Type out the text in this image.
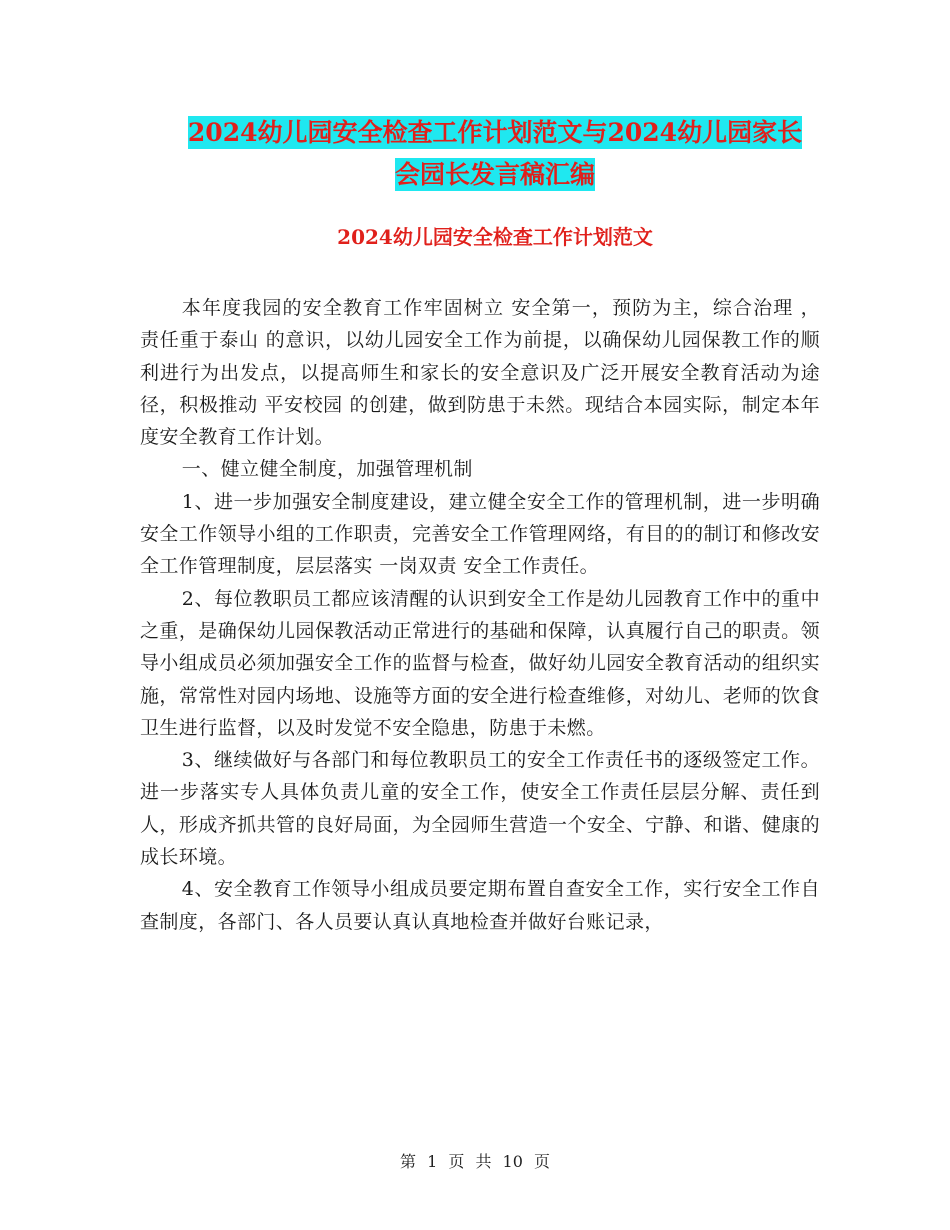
2024幼儿园安全检查工作计划范文与2024幼儿园家长
会园长发言稿汇编
2024幼儿园安全检查工作计划范文

本年度我园的安全教育工作牢固树立 安全第一，预防为主，综合治理 ， 责任重于泰山 的意识，以幼儿园安全工作为前提，以确保幼儿园保教工作的顺利进行为出发点，以提高师生和家长的安全意识及广泛开展安全教育活动为途径，积极推动 平安校园 的创建，做到防患于未然。现结合本园实际，制定本年度安全教育工作计划。

一、健立健全制度，加强管理机制

1、进一步加强安全制度建设，建立健全安全工作的管理机制，进一步明确安全工作领导小组的工作职责，完善安全工作管理网络，有目的的制订和修改安全工作管理制度，层层落实 一岗双责 安全工作责任。

2、每位教职员工都应该清醒的认识到安全工作是幼儿园教育工作中的重中之重，是确保幼儿园保教活动正常进行的基础和保障，认真履行自己的职责。领导小组成员必须加强安全工作的监督与检查，做好幼儿园安全教育活动的组织实施，常常性对园内场地、设施等方面的安全进行检查维修，对幼儿、老师的饮食卫生进行监督，以及时发觉不安全隐患，防患于未燃。

3、继续做好与各部门和每位教职员工的安全工作责任书的逐级签定工作。进一步落实专人具体负责儿童的安全工作，使安全工作责任层层分解、责任到人，形成齐抓共管的良好局面，为全园师生营造一个安全、宁静、和谐、健康的成长环境。

4、安全教育工作领导小组成员要定期布置自查安全工作，实行安全工作自查制度，各部门、各人员要认真认真地检查并做好台账记录，

第 1 页 共 10 页
